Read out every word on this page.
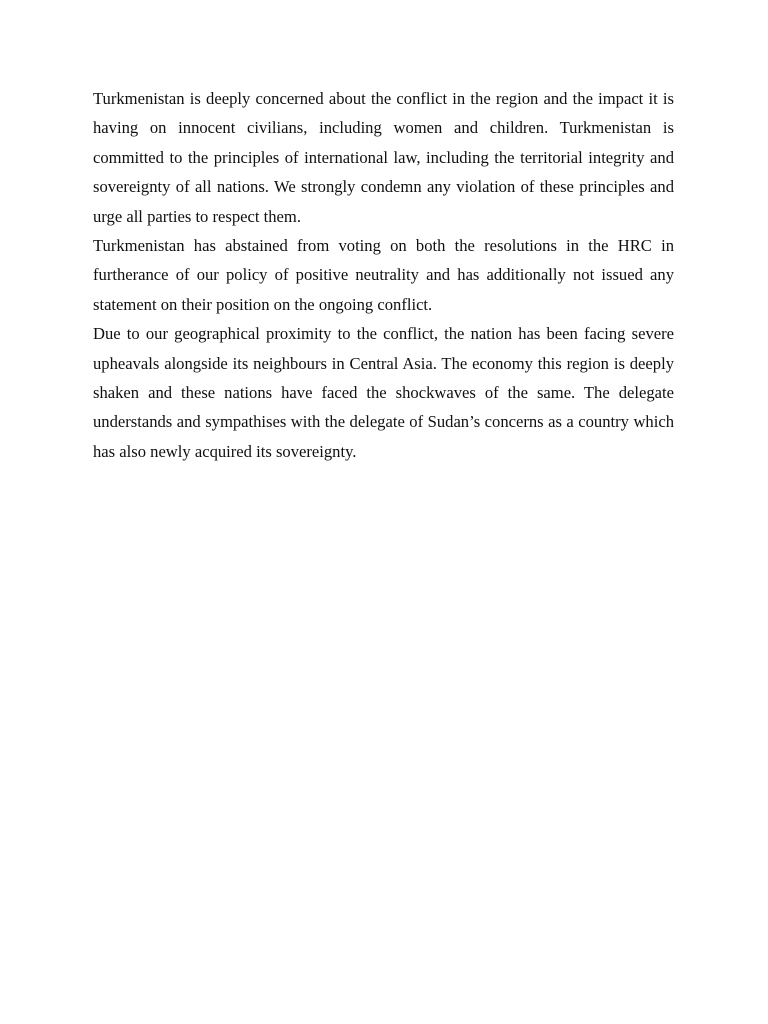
Turkmenistan is deeply concerned about the conflict in the region and the impact it is having on innocent civilians, including women and children. Turkmenistan is committed to the principles of international law, including the territorial integrity and sovereignty of all nations. We strongly condemn any violation of these principles and urge all parties to respect them.

Turkmenistan has abstained from voting on both the resolutions in the HRC in furtherance of our policy of positive neutrality and has additionally not issued any statement on their position on the ongoing conflict.

Due to our geographical proximity to the conflict, the nation has been facing severe upheavals alongside its neighbours in Central Asia. The economy this region is deeply shaken and these nations have faced the shockwaves of the same. The delegate understands and sympathises with the delegate of Sudan’s concerns as a country which has also newly acquired its sovereignty.
